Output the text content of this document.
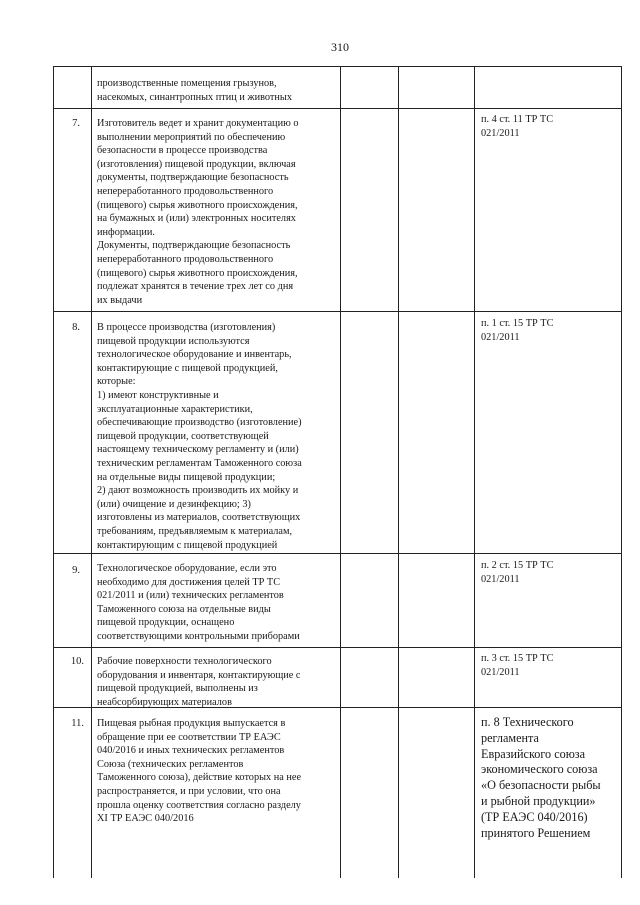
310
производственные помещения грызунов,
насекомых, синантропных птиц и животных
7. Изготовитель ведет и хранит документацию о
выполнении мероприятий по обеспечению
безопасности в процессе производства
(изготовления) пищевой продукции, включая
документы, подтверждающие безопасность
непереработанного продовольственного
(пищевого) сырья животного происхождения,
на бумажных и (или) электронных носителях
информации.
Документы, подтверждающие безопасность
непереработанного продовольственного
(пищевого) сырья животного происхождения,
подлежат хранятся в течение трех лет со дня
их выдачи
п. 4 ст. 11 ТР ТС
021/2011
8. В процессе производства (изготовления)
пищевой продукции используются
технологическое оборудование и инвентарь,
контактирующие с пищевой продукцией,
которые:
1) имеют конструктивные и
эксплуатационные характеристики,
обеспечивающие производство (изготовление)
пищевой продукции, соответствующей
настоящему техническому регламенту и (или)
техническим регламентам Таможенного союза
на отдельные виды пищевой продукции;
2) дают возможность производить их мойку и
(или) очищение и дезинфекцию; 3)
изготовлены из материалов, соответствующих
требованиям, предъявляемым к материалам,
контактирующим с пищевой продукцией
п. 1 ст. 15 ТР ТС
021/2011
9. Технологическое оборудование, если это
необходимо для достижения целей ТР ТС
021/2011 и (или) технических регламентов
Таможенного союза на отдельные виды
пищевой продукции, оснащено
соответствующими контрольными приборами
п. 2 ст. 15 ТР ТС
021/2011
10. Рабочие поверхности технологического
оборудования и инвентаря, контактирующие с
пищевой продукцией, выполнены из
неабсорбирующих материалов
п. 3 ст. 15 ТР ТС
021/2011
11. Пищевая рыбная продукция выпускается в
обращение при ее соответствии ТР ЕАЭС
040/2016 и иных технических регламентов
Союза (технических регламентов
Таможенного союза), действие которых на нее
распространяется, и при условии, что она
прошла оценку соответствия согласно разделу
XI ТР ЕАЭС 040/2016
п. 8 Технического
регламента
Евразийского союза
экономического союза
«О безопасности рыбы
и рыбной продукции»
(ТР ЕАЭС 040/2016)
принятого Решением
